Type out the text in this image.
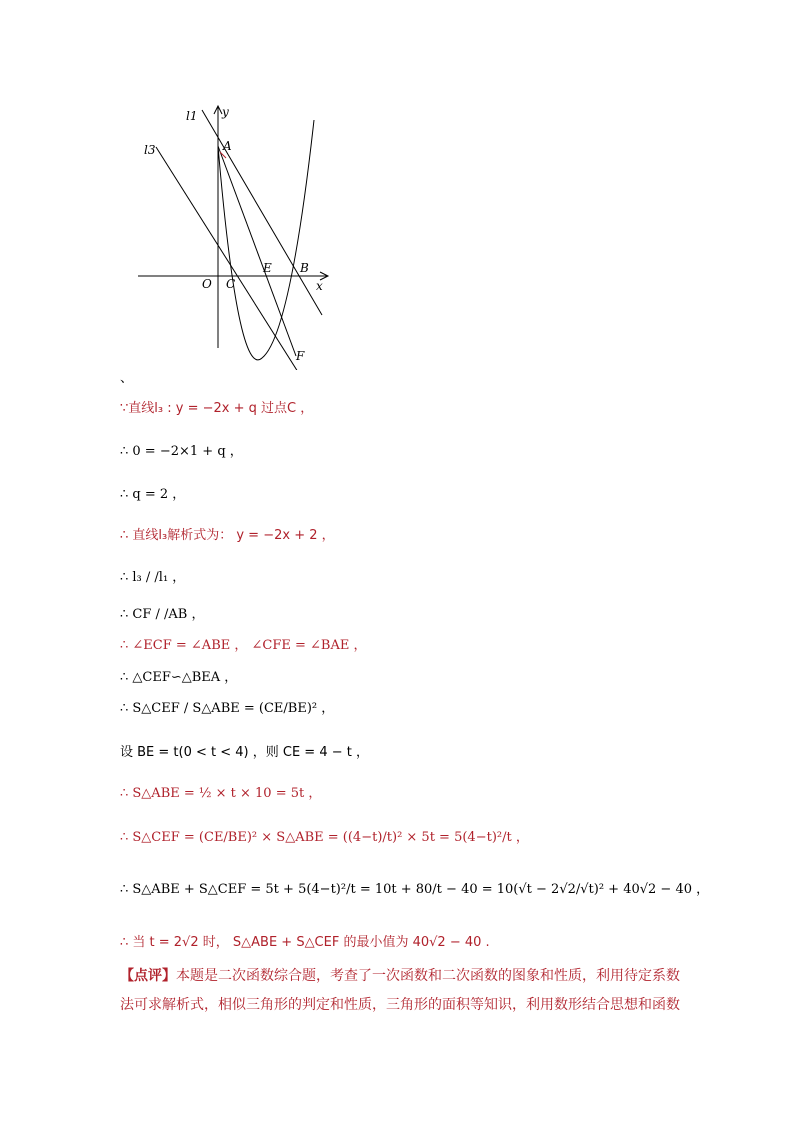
l1
l3
y
x
A
B
C
E
F
O
、
∵直线l₃ : y = −2x + q 过点C ，
∴ 0 = −2×1 + q ，
∴ q = 2 ，
∴ 直线l₃解析式为： y = −2x + 2 ，
∴ l₃ / /l₁ ，
∴ CF / /AB ，
∴ ∠ECF = ∠ABE ， ∠CFE = ∠BAE ，
∴ △CEF∽△BEA ，
∴ S△CEF / S△ABE = (CE/BE)² ，
设 BE = t(0 < t < 4) ，则 CE = 4 − t ，
∴ S△ABE = ½ × t × 10 = 5t ，
∴ S△CEF = (CE/BE)² × S△ABE = ((4−t)/t)² × 5t = 5(4−t)²/t ，
∴ S△ABE + S△CEF = 5t + 5(4−t)²/t = 10t + 80/t − 40 = 10(√t − 2√2/√t)² + 40√2 − 40 ，
∴ 当 t = 2√2 时， S△ABE + S△CEF 的最小值为 40√2 − 40 .
【点评】本题是二次函数综合题，考查了一次函数和二次函数的图象和性质，利用待定系数
法可求解析式，相似三角形的判定和性质，三角形的面积等知识，利用数形结合思想和函数
